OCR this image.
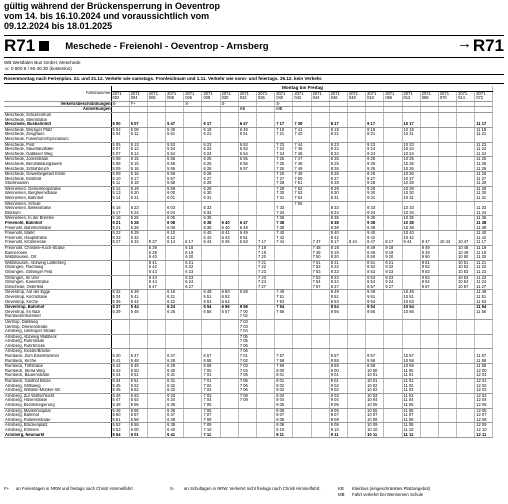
gültig während der Brückensperrung in Oeventrop
vom 14. bis 16.10.2024 und voraussichtlich vom
09.12.2024 bis 18.01.2025
R71	Meschede - Freienohl - Oeventrop - Arnsberg	→ R71
WB Westfalen Bus GmbH, Meschede
☏ 0 800 6 / 50 40 30 (kostenlos)
Rosenmontag nach Ferienplan. 24. und 31.12. Verkehr wie samstags. Fronleichnam und 1.11. Verkehr wie sonn- und feiertags. 25.12. kein Verkehr.
	Montag bis Freitag																				
Fahrtnummer	2071	2071	2071	2071	2071	2071	2071	2071	2071	2071	2071	2071	2071	2071	2071	2071	2071	2071	2071	2071	2071
	002	004	006	008	026	028	030	032	036	040	042	044	046	048	010	066	012	068	070	014	072
Verkehrsbeschränkungen	S-	F+			S-		S-			S-											
Anmerkungen								KB		MB											
Meschede, Schulzentrum																					
Meschede, Steinstraße																					
Meschede, Busbahnhof	5 00	5 07		5 47		6 17		6 47		7 17	7 39		8 17		9 17		10 17				11 17
Meschede, Winziger Platz	5 02	5 09		5 49		6 19		6 49		7 19	7 41		8 19		9 19		10 19				11 19
Meschede, Zeughaus	5 04	5 11		5 51		6 21		6 51		7 21	7 42		8 21		9 21		10 21				11 21
Meschede, Fulverturm/Gymnasium																					
Meschede, Post	5 05	5 13		5 53		6 23		6 53		7 23	7 44		8 23		9 23		10 23				11 23
Meschede, Sauerlandhalle	5 07	5 14		5 54		6 24		6 53		7 24	7 45		8 24		9 24		10 24				11 24
Meschede, Gallikiser Weg	5 07	5 14		5 54		6 24		6 54		7 24	7 46		8 24		9 24		10 24				11 24
Meschede, Jockestraße	5 08	5 15		5 55		6 25		6 55		7 25	7 47		8 25		9 25		10 25				11 25
Meschede, Berufsbildungswerk	5 08	5 15		5 55		6 25		6 56		7 25	7 48		8 25		9 25		10 25				11 25
Meschede, Schlahbruch	5 09	5 16		5 56		6 26		6 57		7 26	7 49		8 26		9 26		10 26				11 26
Meschede, Gewerbegebiet Enste	5 09	5 16		5 56		6 26				7 26	7 49		8 26		9 26		10 26				11 26
Meschede, Enstfeld	5 10	5 17		5 57		6 27				7 27	7 50		8 27		9 27		10 27				11 27
Stockhausen	5 11	5 18		5 58		6 28				7 28	7 51		8 28		9 28		10 28				11 28
Wennemen, Gelsenbergstraße	5 12	5 19		5 59		6 29				7 29	7 52		8 29		9 29		10 29				11 29
Wennemen, Bergheimstraße	5 13	5 20		6 00		6 30				7 30	7 53		8 30		9 30		10 30				11 30
Wennemen, Bahnhof	5 14	5 21		6 01		6 31				7 31	7 54		8 31		9 31		10 31				11 31
Wennemen, Schule											7 55										
Wennemen, Bielesstraße	5 16	5 23		6 03		6 33				7 33			8 33		9 33		10 33				11 33
Blöckum	5 17	5 24		6 04		6 34				7 34			8 34		9 34		10 34				11 34
Wennemen, In der Bremke	5 18	5 25		6 05		6 35				7 35			8 35		9 35		10 35				11 35
Freienohl, Bahnhof	5 21	5 28		6 08		6 38	6 40	6 47		7 38			8 38		9 38		10 38				11 38
Freienohl, Bahnhofstraße	5 21	5 28		6 08		6 38	6 40	6 48		7 38			8 38		9 38		10 38				11 38
Freienohl, Markt	5 22	5 29		6 10		6 40	6 41	6 49		7 40			8 40		9 40		10 40				11 40
Freienohl, Hauptstraße	5 23	5 32		6 12		6 42	6 43	6 51		7 42			8 42		9 42		10 42				11 42
Freienohl, Krümmecke	5 27	5 34	5 37	6 14	6 17	6 44	6 45	6 53	7 17	7 44		7 47	8 17	8 44	8 47	9 17	9 44	9 47	10 44	10 47	11 17
Freienohl, Christine-Koch-Straße			5 39		6 18				7 19			7 48	8 19		8 49	9 19		9 49		10 48	11 19
Bueneroeen			5 39		6 19				7 19			7 49	8 19		8 49	9 19		9 49		10 49	11 19
Wildshausen, Ort			5 40		6 20				7 20			7 50	8 20		8 50	9 20		9 50		10 50	11 20
Wildshausen, Abzweig Latterberg			5 41		6 21				7 21			7 51	8 21		8 51	9 21		9 51		10 51	11 21
Glösingen, Flachweg			5 42		6 22				7 22			7 52	8 22		8 52	9 22		9 52		10 52	11 22
Glösingen, Glösinger Feld			5 43		6 23				7 23			7 53	8 23		8 53	9 23		9 53		10 53	11 23
Glösingen, Im Ufer			5 43		6 23				7 23			7 53	8 23		8 53	9 23		9 53		10 53	11 23
Glösingen, Kaiserstraße			5 44		6 24				7 24			7 54	8 24		8 54	9 24		9 54		10 54	11 24
Dinschede, Osterfeld			5 47		6 27				7 27			7 57	8 27		8 57	9 27		9 57		10 57	11 27
Oeventrop, Auf der Egge	5 32	5 39		6 15		6 49	6 50	6 58		7 49			8 49		9 49		10 49				11 49
Oeventrop, Kirchstraße	5 34	5 41		6 21		6 51	6 52			7 51			8 51		9 51		10 51				11 51
Oeventrop, Kirche	5 36	5 42		6 22		6 53	6 54			7 53			8 53		9 53		10 53				11 53
Oeventrop, Bahnhof	5 37	5 44		6 24		6 54	6 56	6 58		7 54			8 54		9 54		10 54				11 54
Oeventrop, Im Nazi	5 39	5 46		6 26		6 56	6 57	7 00		7 56			8 56		9 56		10 56				11 56
Rumbeckerhammer								7 02													
Uentrop, Dahlweg								7 03													
Uentrop, Dreisenstraße								7 03													
Arnsberg, Uentroper Straße								7 04													
Arnsberg, Abzweig Wallbeck								7 05													
Arnsberg, Ruhrstraße								7 05													
Arnsberg, Ruhrbrücke								7 06													
Arnsberg, Kloster/Brücke								7 06													
Rumbeck, Zum Eisenhammer	5 40	5 47		6 27		6 57		7 01		7 57			8 57		9 57		10 57				11 57
Rumbeck, Kirche	5 41	5 48		6 28		6 58		7 02		7 58			8 58		9 58		10 58				11 58
Rumbeck, Triftstraße	5 42	5 49		6 29		6 59		7 03		7 59			8 59		9 59		10 59				11 59
Rumbeck, Sterla Weg	5 43	5 50		6 30		7 00		7 04		8 00			9 00		10 00		11 00				12 00
Rumbeck, Bauernstraße	5 44	5 51		6 31		7 01		7 05		8 01			9 01		10 01		11 01				12 01
Rumbeck, Gasthof Brüse	5 44	5 51		6 31		7 01		7 05		8 01			9 01		10 01		11 01				12 01
Arnsberg, Stiftsweg	5 45	5 52		6 32		7 02		7 06		8 02			9 02		10 02		11 02				12 02
Arnsberg, Wilhelm-Münker-Str.	5 45	5 52		6 32		7 02		7 06		8 02			9 02		10 02		11 02				12 02
Arnsberg, Zur Wolfschlucht	5 46	5 53		6 33		7 03		7 08		8 03			9 03		10 03		11 03				12 03
Arnsberg, Hüsenstraße	5 47	5 54		6 34		7 04		7 09		8 04			9 04		10 04		11 04				12 04
Arnsberg, Bezirksregierung	5 48	5 55		6 35		7 05				8 05			9 05		10 05		11 05				12 05
Arnsberg, Marienhospital	5 49	5 56		6 36		7 06				8 06			9 06		10 06		11 06				12 06
Arnsberg, Bahnhof	5 50	5 57		6 37		7 07				8 07			9 07		10 07		11 07				12 07
Arnsberg, Rintelenstraße	5 51	5 58		6 38		7 08				8 08			9 08		10 08		11 08				12 08
Arnsberg, Brückenplatz	5 52	5 59		6 39		7 09				8 09			9 09		10 09		11 09				12 09
Arnsberg, Ehmsen	5 53	6 00		6 40		7 10				8 10			9 10		10 10		11 10				12 10
Arnsberg, Neumarkt	5 54	6 01		6 41		7 11				8 11			9 11		10 11		11 11				12 11
F+ an Ferientagen in NRW und freitags nach Christi Himmelfahrt	S- an Schultagen in NRW. Verkehrt nicht freitags nach Christi Himmelfahrt.	KB Kleinbus (eingeschränktes Platzangebot)
MB Fahrt verkehrt bei Wennemen Schule
